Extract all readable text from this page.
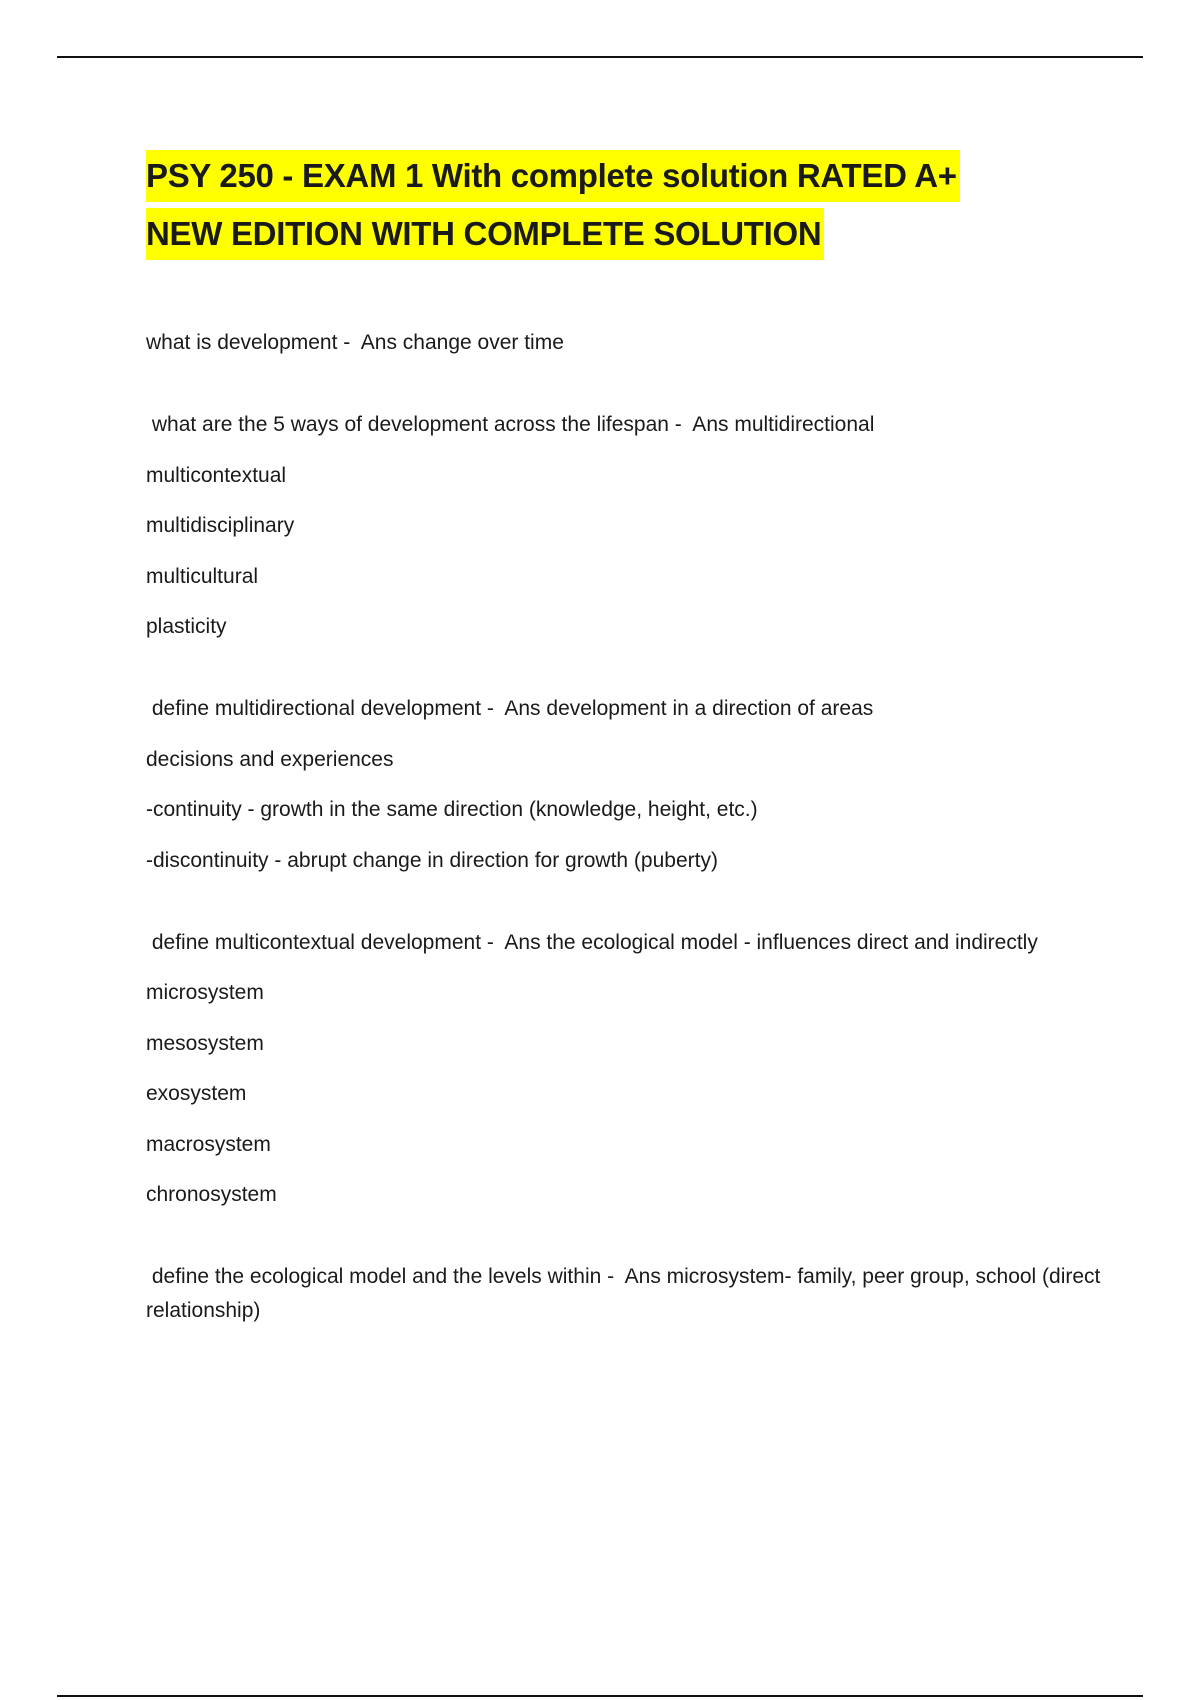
PSY 250 - EXAM 1 With complete solution RATED A+
NEW EDITION WITH COMPLETE SOLUTION
what is development -  Ans change over time
what are the 5 ways of development across the lifespan -  Ans multidirectional
multicontextual
multidisciplinary
multicultural
plasticity
define multidirectional development -  Ans development in a direction of areas
decisions and experiences
-continuity - growth in the same direction (knowledge, height, etc.)
-discontinuity - abrupt change in direction for growth (puberty)
define multicontextual development -  Ans the ecological model - influences direct and indirectly
microsystem
mesosystem
exosystem
macrosystem
chronosystem
define the ecological model and the levels within -  Ans microsystem- family, peer group, school (direct relationship)
